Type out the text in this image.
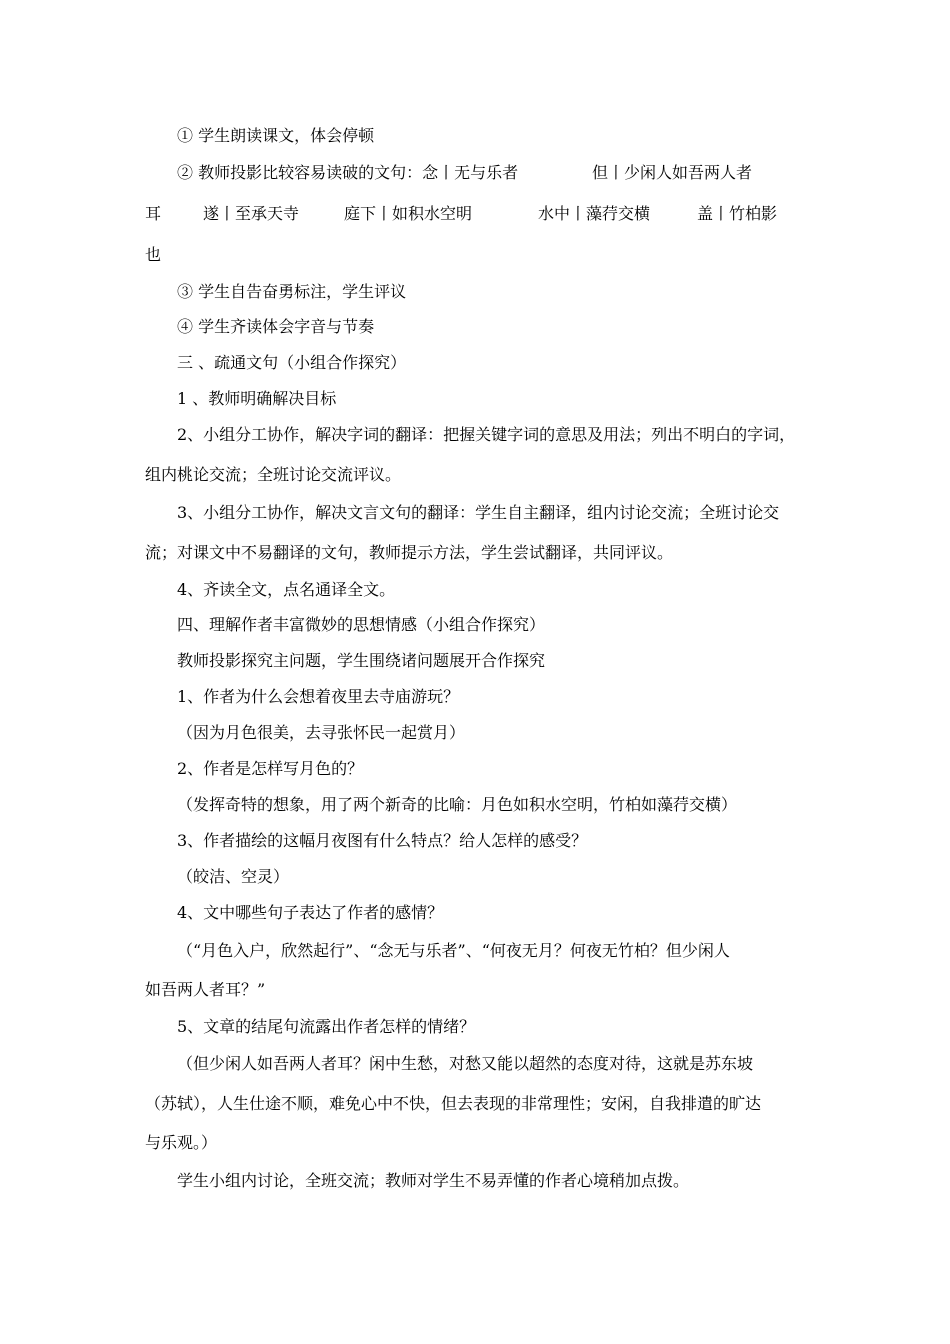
① 学生朗读课文，体会停顿
② 教师投影比较容易读破的文句：念丨无与乐者	但丨少闲人如吾两人者
耳	遂丨至承天寺	庭下丨如积水空明	水中丨藻荇交横	盖丨竹柏影
也
③ 学生自告奋勇标注，学生评议
④ 学生齐读体会字音与节奏
三 、疏通文句（小组合作探究）
1 、教师明确解决目标
2、小组分工协作，解决字词的翻译：把握关键字词的意思及用法；列出不明白的字词，
组内桃论交流；全班讨论交流评议。
3、小组分工协作，解决文言文句的翻译：学生自主翻译，组内讨论交流；全班讨论交
流；对课文中不易翻译的文句，教师提示方法，学生尝试翻译，共同评议。
4、齐读全文，点名通译全文。
四、理解作者丰富微妙的思想情感（小组合作探究）
教师投影探究主问题，学生围绕诸问题展开合作探究
1、作者为什么会想着夜里去寺庙游玩？
（因为月色很美，去寻张怀民一起赏月）
2、作者是怎样写月色的？
（发挥奇特的想象，用了两个新奇的比喻：月色如积水空明，竹柏如藻荇交横）
3、作者描绘的这幅月夜图有什么特点？给人怎样的感受？
（皎洁、空灵）
4、文中哪些句子表达了作者的感情？
（“月色入户，欣然起行”、“念无与乐者”、“何夜无月？何夜无竹柏？但少闲人
如吾两人者耳？”
5、文章的结尾句流露出作者怎样的情绪？
（但少闲人如吾两人者耳？闲中生愁，对愁又能以超然的态度对待，这就是苏东坡
（苏轼），人生仕途不顺，难免心中不快，但去表现的非常理性；安闲，自我排遣的旷达
与乐观。）
学生小组内讨论，全班交流；教师对学生不易弄懂的作者心境稍加点拨。
